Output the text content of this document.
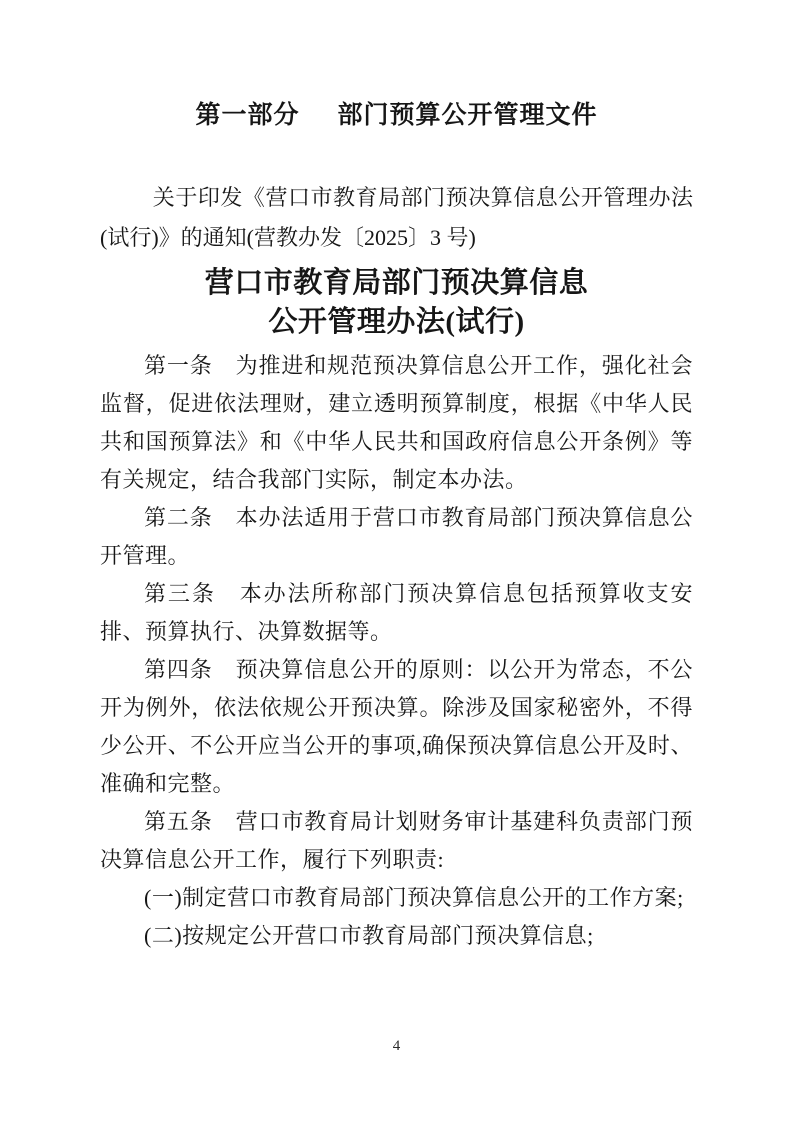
第一部分 部门预算公开管理文件

关于印发《营口市教育局部门预决算信息公开管理办法(试行)》的通知(营教办发〔2025〕3 号)

营口市教育局部门预决算信息
公开管理办法(试行)

第一条　为推进和规范预决算信息公开工作，强化社会监督，促进依法理财，建立透明预算制度，根据《中华人民共和国预算法》和《中华人民共和国政府信息公开条例》等有关规定，结合我部门实际，制定本办法。

第二条　本办法适用于营口市教育局部门预决算信息公开管理。

第三条　本办法所称部门预决算信息包括预算收支安排、预算执行、决算数据等。

第四条　预决算信息公开的原则：以公开为常态，不公开为例外，依法依规公开预决算。除涉及国家秘密外，不得少公开、不公开应当公开的事项,确保预决算信息公开及时、准确和完整。

第五条　营口市教育局计划财务审计基建科负责部门预决算信息公开工作，履行下列职责:

(一)制定营口市教育局部门预决算信息公开的工作方案;

(二)按规定公开营口市教育局部门预决算信息;

4
